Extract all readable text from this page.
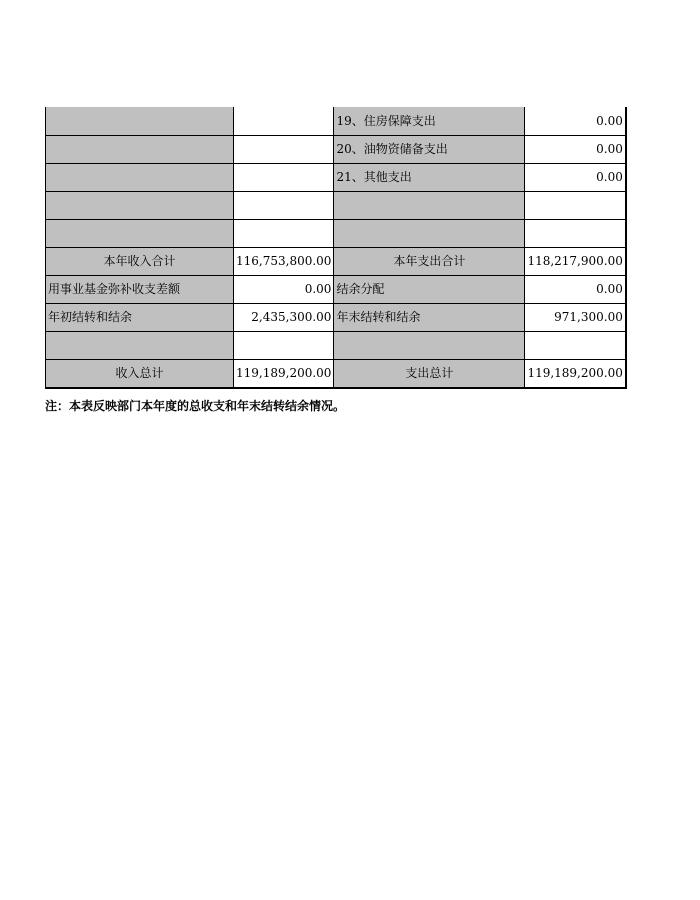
		19、住房保障支出	0.00
		20、油物资储备支出	0.00
		21、其他支出	0.00

本年收入合计	116,753,800.00	本年支出合计	118,217,900.00
用事业基金弥补收支差额	0.00	结余分配	0.00
年初结转和结余	2,435,300.00	年末结转和结余	971,300.00

收入总计	119,189,200.00	支出总计	119,189,200.00
注：本表反映部门本年度的总收支和年末结转结余情况。
